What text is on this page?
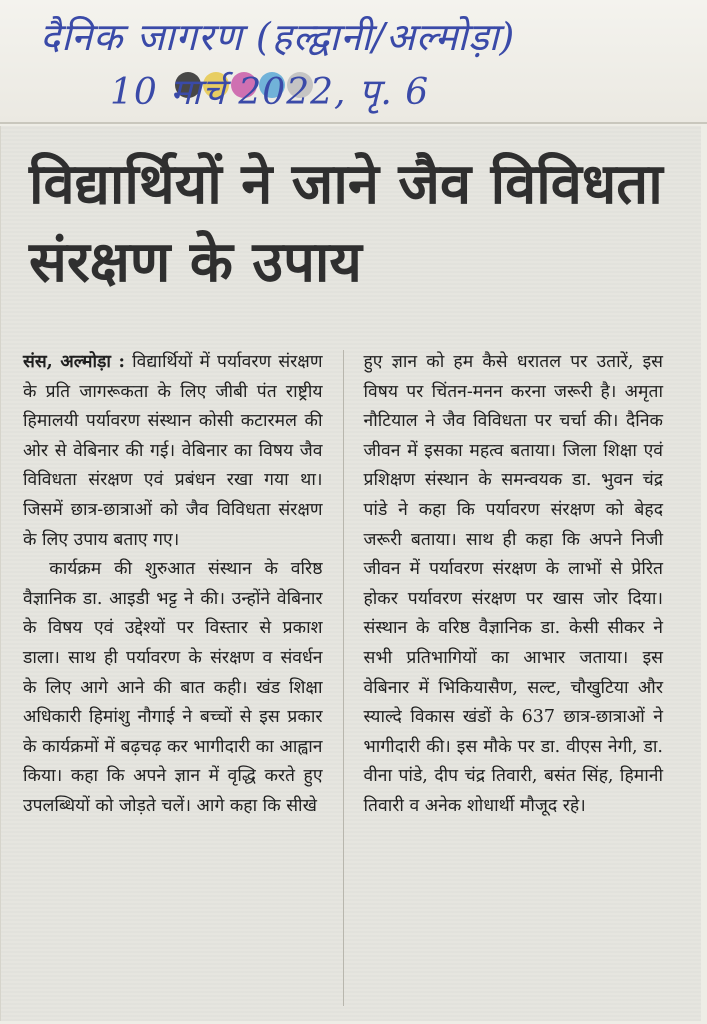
दैनिक जागरण (हल्द्वानी/अल्मोड़ा)
10 मार्च 2022, पृ. 6
विद्यार्थियों ने जाने जैव विविधता संरक्षण के उपाय

संस, अल्मोड़ा : विद्यार्थियों में पर्यावरण संरक्षण के प्रति जागरूकता के लिए जीबी पंत राष्ट्रीय हिमालयी पर्यावरण संस्थान कोसी कटारमल की ओर से वेबिनार की गई। वेबिनार का विषय जैव विविधता संरक्षण एवं प्रबंधन रखा गया था। जिसमें छात्र-छात्राओं को जैव विविधता संरक्षण के लिए उपाय बताए गए।

कार्यक्रम की शुरुआत संस्थान के वरिष्ठ वैज्ञानिक डा. आइडी भट्ट ने की। उन्होंने वेबिनार के विषय एवं उद्देश्यों पर विस्तार से प्रकाश डाला। साथ ही पर्यावरण के संरक्षण व संवर्धन के लिए आगे आने की बात कही। खंड शिक्षा अधिकारी हिमांशु नौगाई ने बच्चों से इस प्रकार के कार्यक्रमों में बढ़चढ़ कर भागीदारी का आह्वान किया। कहा कि अपने ज्ञान में वृद्धि करते हुए उपलब्धियों को जोड़ते चलें। आगे कहा कि सीखे

हुए ज्ञान को हम कैसे धरातल पर उतारें, इस विषय पर चिंतन-मनन करना जरूरी है। अमृता नौटियाल ने जैव विविधता पर चर्चा की। दैनिक जीवन में इसका महत्व बताया। जिला शिक्षा एवं प्रशिक्षण संस्थान के समन्वयक डा. भुवन चंद्र पांडे ने कहा कि पर्यावरण संरक्षण को बेहद जरूरी बताया। साथ ही कहा कि अपने निजी जीवन में पर्यावरण संरक्षण के लाभों से प्रेरित होकर पर्यावरण संरक्षण पर खास जोर दिया। संस्थान के वरिष्ठ वैज्ञानिक डा. केसी सीकर ने सभी प्रतिभागियों का आभार जताया। इस वेबिनार में भिकियासैण, सल्ट, चौखुटिया और स्याल्दे विकास खंडों के 637 छात्र-छात्राओं ने भागीदारी की। इस मौके पर डा. वीएस नेगी, डा. वीना पांडे, दीप चंद्र तिवारी, बसंत सिंह, हिमानी तिवारी व अनेक शोधार्थी मौजूद रहे।
